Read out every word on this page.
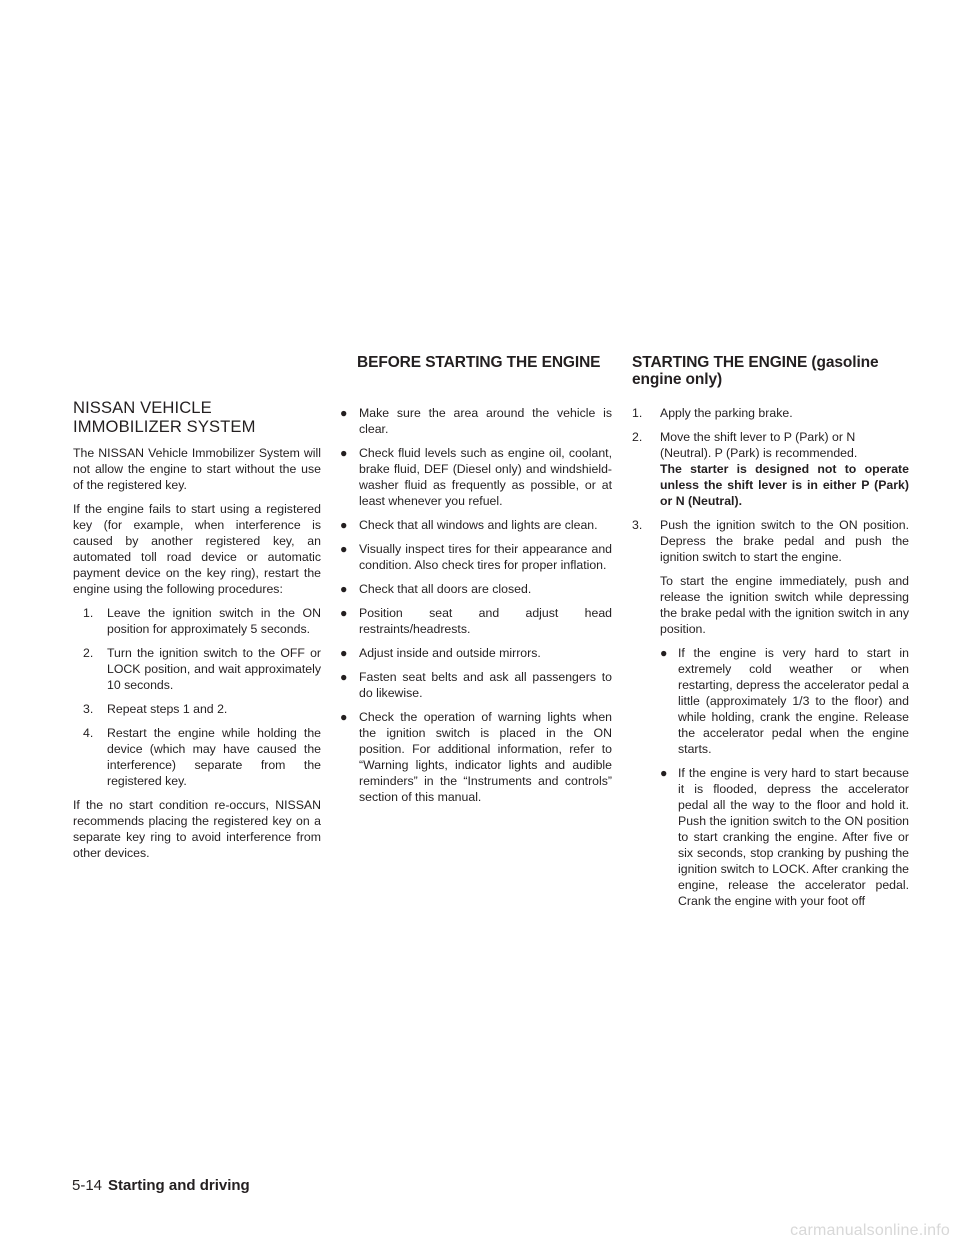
BEFORE STARTING THE ENGINE	STARTING THE ENGINE (gasoline engine only)
NISSAN VEHICLE IMMOBILIZER SYSTEM

The NISSAN Vehicle Immobilizer System will not allow the engine to start without the use of the registered key.

If the engine fails to start using a registered key (for example, when interference is caused by another registered key, an automated toll road device or automatic payment device on the key ring), restart the engine using the following procedures:

1. Leave the ignition switch in the ON position for approximately 5 seconds.
2. Turn the ignition switch to the OFF or LOCK position, and wait approximately 10 seconds.
3. Repeat steps 1 and 2.
4. Restart the engine while holding the device (which may have caused the interference) separate from the registered key.

If the no start condition re-occurs, NISSAN recommends placing the registered key on a separate key ring to avoid interference from other devices.

● Make sure the area around the vehicle is clear.
● Check fluid levels such as engine oil, coolant, brake fluid, DEF (Diesel only) and windshield-washer fluid as frequently as possible, or at least whenever you refuel.
● Check that all windows and lights are clean.
● Visually inspect tires for their appearance and condition. Also check tires for proper inflation.
● Check that all doors are closed.
● Position seat and adjust head restraints/headrests.
● Adjust inside and outside mirrors.
● Fasten seat belts and ask all passengers to do likewise.
● Check the operation of warning lights when the ignition switch is placed in the ON position. For additional information, refer to “Warning lights, indicator lights and audible reminders” in the “Instruments and controls” section of this manual.
1. Apply the parking brake.
2. Move the shift lever to P (Park) or N (Neutral). P (Park) is recommended.
The starter is designed not to operate unless the shift lever is in either P (Park) or N (Neutral).
3. Push the ignition switch to the ON position. Depress the brake pedal and push the ignition switch to start the engine.
To start the engine immediately, push and release the ignition switch while depressing the brake pedal with the ignition switch in any position.
● If the engine is very hard to start in extremely cold weather or when restarting, depress the accelerator pedal a little (approximately 1/3 to the floor) and while holding, crank the engine. Release the accelerator pedal when the engine starts.
● If the engine is very hard to start because it is flooded, depress the accelerator pedal all the way to the floor and hold it. Push the ignition switch to the ON position to start cranking the engine. After five or six seconds, stop cranking by pushing the ignition switch to LOCK. After cranking the engine, release the accelerator pedal. Crank the engine with your foot off
5-14 Starting and driving
carmanualsonline.info
